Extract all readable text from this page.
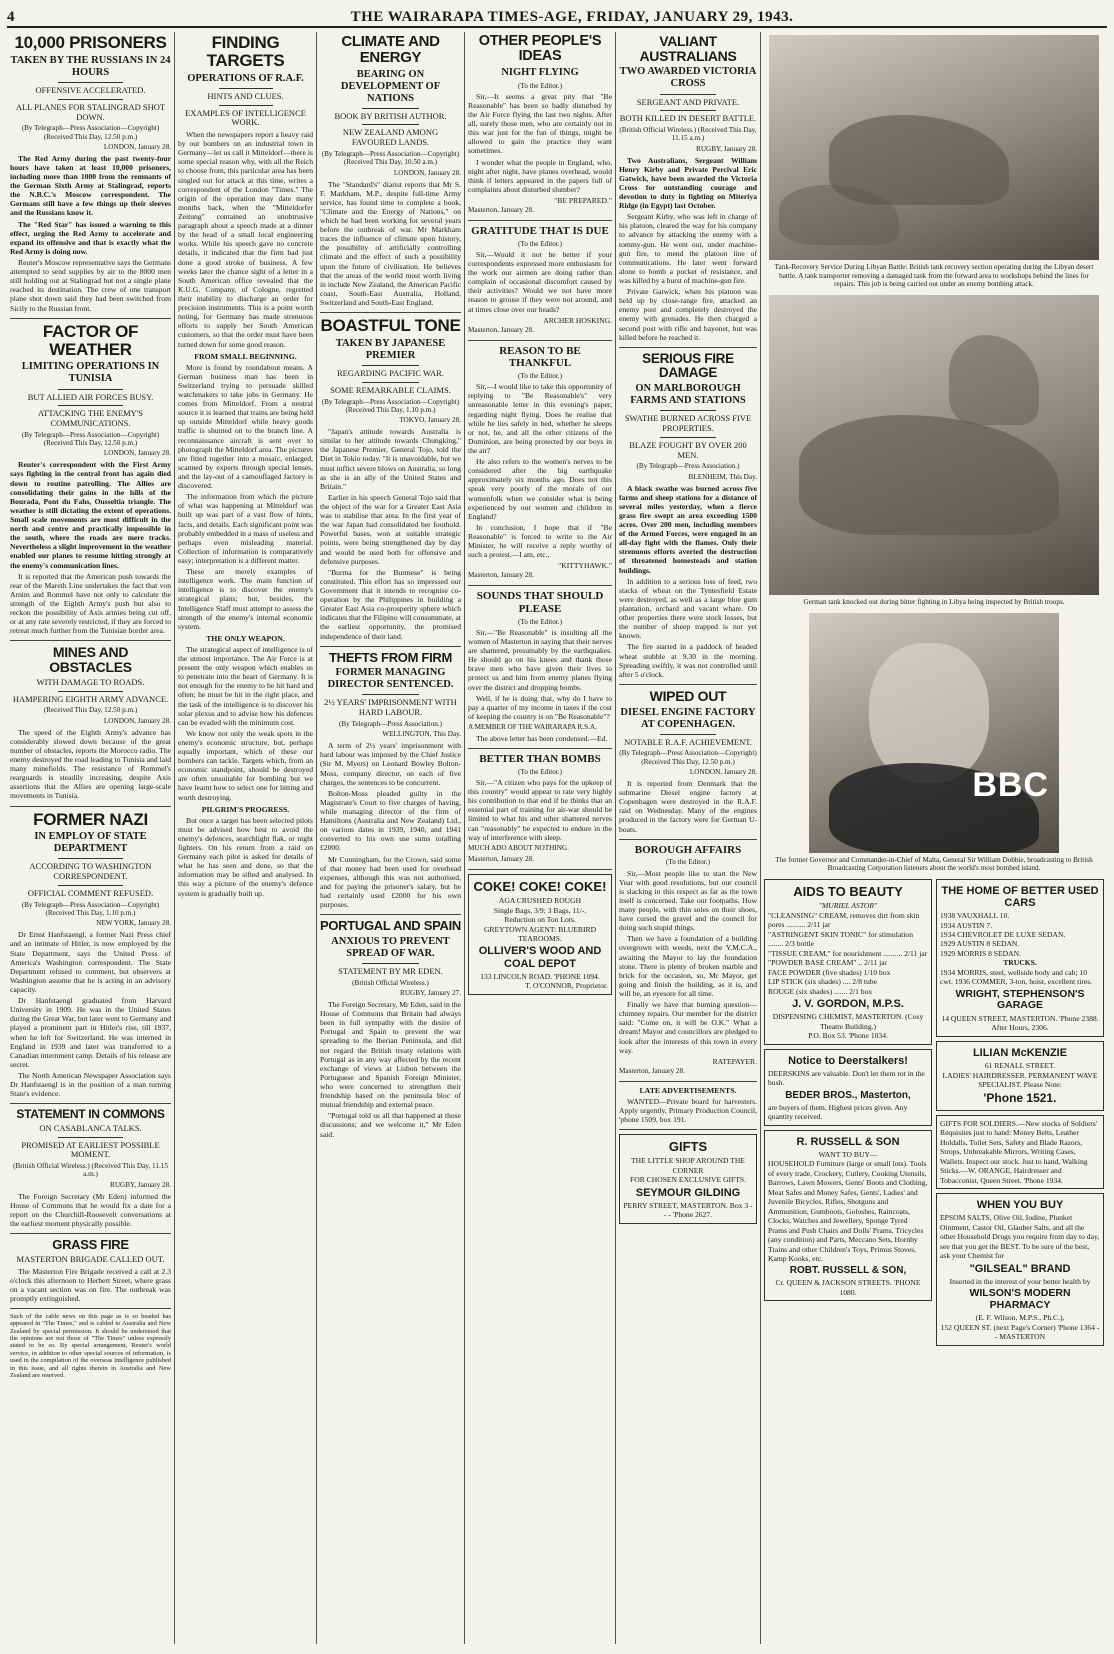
4	THE WAIRARAPA TIMES-AGE, FRIDAY, JANUARY 29, 1943.
10,000 PRISONERS
TAKEN BY THE RUSSIANS IN 24 HOURS
OFFENSIVE ACCELERATED.
ALL PLANES FOR STALINGRAD SHOT DOWN.
(By Telegraph—Press Association—Copyright) (Received This Day, 12.50 p.m.)
LONDON, January 28.

The Red Army during the past twenty-four hours have taken at least 10,000 prisoners, including more than 1000 from the remnants of the German Sixth Army at Stalingrad, reports the N.B.C.'s Moscow correspondent. The Germans still have a few things up their sleeves and the Russians know it.

The "Red Star" has issued a warning to this effect, urging the Red Army to accelerate and expand its offensive and that is exactly what the Red Army is doing now.

Reuter's Moscow representative says the Germans attempted to send supplies by air to the 8000 men still holding out at Stalingrad but not a single plane reached its destination. The crew of one transport plane shot down said they had been switched from Sicily to the Russian front.

FACTOR OF WEATHER
LIMITING OPERATIONS IN TUNISIA
BUT ALLIED AIR FORCES BUSY.
ATTACKING THE ENEMY'S COMMUNICATIONS.
(By Telegraph—Press Association—Copyright) (Received This Day, 12.50 p.m.)
LONDON, January 28.

Reuter's correspondent with the First Army says fighting in the central front has again died down to routine patrolling. The Allies are consolidating their gains in the hills of the Bourada, Pont du Fahs, Ousseltia triangle. The weather is still dictating the extent of operations. Small scale movements are most difficult in the north and centre and practically impossible in the south, where the roads are mere tracks. Nevertheless a slight improvement in the weather enabled our planes to resume hitting strongly at the enemy's communication lines.

It is reported that the American push towards the rear of the Mareth Line undertakes the fact that von Arnim and Rommel have not only to calculate the strength of the Eighth Army's push but also to reckon the possibility of Axis armies being cut off, or at any rate severely restricted, if they are forced to retreat much further from the Tunisian border area.

MINES AND OBSTACLES
WITH DAMAGE TO ROADS.
HAMPERING EIGHTH ARMY ADVANCE.
(Received This Day, 12.50 p.m.)
LONDON, January 28.

The speed of the Eighth Army's advance has considerably slowed down because of the great number of obstacles, reports the Morocco radio. The enemy destroyed the road leading to Tunisia and laid many minefields. The resistance of Rommel's rearguards is steadily increasing, despite Axis assertions that the Allies are opening large-scale movements in Tunisia.

FORMER NAZI
IN EMPLOY OF STATE DEPARTMENT
ACCORDING TO WASHINGTON CORRESPONDENT.
OFFICIAL COMMENT REFUSED.
(By Telegraph—Press Association—Copyright) (Received This Day, 1.10 p.m.)
NEW YORK, January 28.

Dr Ernst Hanfstaengl, a former Nazi Press chief and an intimate of Hitler, is now employed by the State Department, says the United Press of America's Washington correspondent. The State Department refused to comment, but observers at Washington assume that he is acting in an advisory capacity.

Dr Hanfstaengl graduated from Harvard University in 1909. He was in the United States during the Great War, but later went to Germany and played a prominent part in Hitler's rise, till 1937, when he left for Switzerland. He was interned in England in 1939 and later was transferred to a Canadian internment camp. Details of his release are secret.

The North American Newspaper Association says Dr Hanfstaengl is in the position of a man turning State's evidence.

STATEMENT IN COMMONS
ON CASABLANCA TALKS.
PROMISED AT EARLIEST POSSIBLE MOMENT.
(British Official Wireless.) (Received This Day, 11.15 a.m.)
RUGBY, January 28.

The Foreign Secretary (Mr Eden) informed the House of Commons that he would fix a date for a report on the Churchill-Roosevelt conversations at the earliest moment physically possible.

GRASS FIRE
MASTERTON BRIGADE CALLED OUT.

The Masterton Fire Brigade received a call at 2.3 o'clock this afternoon to Herbert Street, where grass on a vacant section was on fire. The outbreak was promptly extinguished.

Such of the cable news on this page as is so headed has appeared in "The Times," and is cabled to Australia and New Zealand by special permission. It should be understood that the opinions are not those of "The Times" unless expressly stated to be so. By special arrangement, Reuter's world service, in addition to other special sources of information, is used in the compilation of the overseas intelligence published in this issue, and all rights therein in Australia and New Zealand are reserved.

FINDING TARGETS
OPERATIONS OF R.A.F.
HINTS AND CLUES.
EXAMPLES OF INTELLIGENCE WORK.

When the newspapers report a heavy raid by our bombers on an industrial town in Germany—let us call it Mitteldorf—there is some special reason why, with all the Reich to choose from, this particular area has been singled out for attack at this time, writes a correspondent of the London "Times." The origin of the operation may date many months back, when the "Mitteldorfer Zeitung" contained an unobtrusive paragraph about a speech made at a dinner by the head of a small local engineering works. While his speech gave no concrete details, it indicated that the firm had just done a good stroke of business. A few weeks later the chance sight of a letter in a South American office revealed that the K.U.G. Company, of Cologne, regretted their inability to discharge an order for precision instruments. This is a point worth noting, for Germany has made strenuous efforts to supply her South American customers, so that the order must have been turned down for some good reason.

FROM SMALL BEGINNING.

More is found by roundabout means. A German business man has been in Switzerland trying to persuade skilled watchmakers to take jobs in Germany. He comes from Mitteldorf. From a neutral source it is learned that trains are being held up outside Mitteldorf while heavy goods traffic is shunted on to the branch line. A reconnaissance aircraft is sent over to photograph the Mitteldorf area. The pictures are fitted together into a mosaic, enlarged, scanned by experts through special lenses, and the lay-out of a camouflaged factory is discovered.

The information from which the picture of what was happening at Mitteldorf was built up was part of a vast flow of hints, facts, and details. Each significant point was probably embedded in a mass of useless and perhaps even misleading material. Collection of information is comparatively easy; interpretation is a different matter.

These are merely examples of intelligence work. The main function of intelligence is to discover the enemy's strategical plans; but, besides, the Intelligence Staff must attempt to assess the strength of the enemy's internal economic system.

THE ONLY WEAPON.

The strategical aspect of intelligence is of the utmost importance. The Air Force is at present the only weapon which enables us to penetrate into the heart of Germany. It is not enough for the enemy to be hit hard and often; he must be hit in the right place, and the task of the intelligence is to discover his solar plexus and to advise how his defences can be evaded with the minimum cost.

We know not only the weak spots in the enemy's economic structure, but, perhaps equally important, which of these our bombers can tackle. Targets which, from an economic standpoint, should be destroyed are often unsuitable for bombing but we have learnt how to select one for hitting and worth destroying.

PILGRIM'S PROGRESS.

But once a target has been selected pilots must be advised how best to avoid the enemy's defences, searchlight flak, or night fighters. On his return from a raid on Germany each pilot is asked for details of what he has seen and done, so that the information may be sifted and analysed. In this way a picture of the enemy's defence system is gradually built up.

CLIMATE AND ENERGY
BEARING ON DEVELOPMENT OF NATIONS
BOOK BY BRITISH AUTHOR.
NEW ZEALAND AMONG FAVOURED LANDS.
(By Telegraph—Press Association—Copyright) (Received This Day, 10.50 a.m.)
LONDON, January 28.

The "Standard's" diarist reports that Mr S. F. Markham, M.P., despite full-time Army service, has found time to complete a book, "Climate and the Energy of Nations," on which he had been working for several years before the outbreak of war. Mr Markham traces the influence of climate upon history, the possibility of artificially controlling climate and the effect of such a possibility upon the future of civilisation. He believes that the areas of the world most worth living in include New Zealand, the American Pacific coast, South-East Australia, Holland, Switzerland and South-East England.

BOASTFUL TONE
TAKEN BY JAPANESE PREMIER
REGARDING PACIFIC WAR.
SOME REMARKABLE CLAIMS.
(By Telegraph—Press Association—Copyright) (Received This Day, 1.10 p.m.)
TOKYO, January 28.

"Japan's attitude towards Australia is similar to her attitude towards Chungking," the Japanese Premier, General Tojo, told the Diet in Tokio today. "It is unavoidable, but we must inflict severe blows on Australia, so long as she is an ally of the United States and Britain."

Earlier in his speech General Tojo said that the object of the war for a Greater East Asia was to stabilise that area. In the first year of the war Japan had consolidated her foothold. Powerful bases, won at suitable strategic points, were being strengthened day by day and would be used both for offensive and defensive purposes.

"Burma for the Burmese" is being constituted. This effort has so impressed our Government that it intends to recognise co-operation by the Philippines in building a Greater East Asia co-prosperity sphere which indicates that the Filipino will consummate, at the earliest opportunity, the promised independence of their land.

THEFTS FROM FIRM
FORMER MANAGING DIRECTOR SENTENCED.
2½ YEARS' IMPRISONMENT WITH HARD LABOUR.
(By Telegraph—Press Association.)
WELLINGTON, This Day.

A term of 2½ years' imprisonment with hard labour was imposed by the Chief Justice (Sir M. Myers) on Leonard Bowley Bolton-Moss, company director, on each of five charges, the sentences to be concurrent.

Bolton-Moss pleaded guilty in the Magistrate's Court to five charges of having, while managing director of the firm of Hamiltons (Australia and New Zealand) Ltd., on various dates in 1939, 1940, and 1941 converted to his own use sums totalling £2000.

Mr Cunningham, for the Crown, said some of that money had been used for overhead expenses, although this was not authorised, and for paying the prisoner's salary, but he had certainly used £2000 for his own purposes.

PORTUGAL AND SPAIN
ANXIOUS TO PREVENT SPREAD OF WAR.
STATEMENT BY MR EDEN.
(British Official Wireless.)
RUGBY, January 27.

The Foreign Secretary, Mr Eden, said in the House of Commons that Britain had always been in full sympathy with the desire of Portugal and Spain to prevent the war spreading to the Iberian Peninsula, and did not regard the British treaty relations with Portugal as in any way affected by the recent exchange of views at Lisbon between the Portuguese and Spanish Foreign Minister, who were concerned to strengthen their friendship based on the peninsula bloc of mutual friendship and external peace.

"Portugal told us all that happened at those discussions; and we welcome it," Mr Eden said.

OTHER PEOPLE'S IDEAS
NIGHT FLYING
(To the Editor.)

Sir,—It seems a great pity that "Be Reasonable" has been so badly disturbed by the Air Force flying the last two nights. After all, surely those men, who are certainly not in this war just for the fun of things, might be allowed to gain the practice they want sometimes.

I wonder what the people in England, who, night after night, have planes overhead, would think if letters appeared in the papers full of complaints about disturbed slumber?

"BE PREPARED."
Masterton, January 28.
GRATITUDE THAT IS DUE
(To the Editor.)

Sir,—Would it not be better if your correspondents expressed more enthusiasm for the work our airmen are doing rather than complain of occasional discomfort caused by their activities? Would we not have more reason to grouse if they were not around, and at times close over our heads?

ARCHER HOSKING.
Masterton, January 28.
REASON TO BE THANKFUL
(To the Editor.)

Sir,—I would like to take this opportunity of replying to "Be Reasonable's" very unreasonable letter in this evening's paper, regarding night flying. Does he realise that while he lies safely in bed, whether he sleeps or not, he, and all the other citizens of the Dominion, are being protected by our boys in the air?

He also refers to the women's nerves to be considered after the big earthquake approximately six months ago. Does not this speak very poorly of the morale of our womenfolk when we consider what is being experienced by our women and children in England?

In conclusion, I hope that if "Be Reasonable" is forced to write to the Air Minister, he will receive a reply worthy of such a protest.—I am, etc.,

"KITTYHAWK."
Masterton, January 28.
SOUNDS THAT SHOULD PLEASE
(To the Editor.)

Sir,—"Be Reasonable" is insulting all the women of Masterton in saying that their nerves are shattered, presumably by the earthquakes. He should go on his knees and thank those brave men who have given their lives to protect us and him from enemy planes flying over the district and dropping bombs.

Well, if he is doing that, why do I have to pay a quarter of my income in taxes if the cost of keeping the country is on "Be Reasonable"?

A MEMBER OF THE WAIRARAPA R.S.A.

The above letter has been condensed.—Ed.

BETTER THAN BOMBS
(To the Editor.)

Sir,—"A citizen who pays for the upkeep of this country" would appear to rate very highly his contribution to that end if he thinks that an essential part of training for air-war should be limited to what his and other shattered nerves can "reasonably" be expected to endure in the way of interference with sleep.

MUCH ADO ABOUT NOTHING.
Masterton, January 28.
COKE! COKE! COKE!
AGA CRUSHED ROUGH
Single Bags, 3/9; 3 Bags, 11/-.
Reduction on Ton Lots.
GREYTOWN AGENT: BLUEBIRD TEAROOMS.
OLLIVER'S WOOD AND COAL DEPOT
133 LINCOLN ROAD. 'PHONE 1094.
T. O'CONNOR, Proprietor.
VALIANT AUSTRALIANS
TWO AWARDED VICTORIA CROSS
SERGEANT AND PRIVATE.
BOTH KILLED IN DESERT BATTLE.
(British Official Wireless.) (Received This Day, 11.15 a.m.)
RUGBY, January 28.

Two Australians, Sergeant William Henry Kirby and Private Percival Eric Gatwick, have been awarded the Victoria Cross for outstanding courage and devotion to duty in fighting on Miteriya Ridge (in Egypt) last October.

Sergeant Kirby, who was left in charge of his platoon, cleared the way for his company to advance by attacking the enemy with a tommy-gun. He went out, under machine-gun fire, to mend the platoon line of communications. He later went forward alone to bomb a pocket of resistance, and was killed by a burst of machine-gun fire.

Private Gatwick, when his platoon was held up by close-range fire, attacked an enemy post and completely destroyed the enemy with grenades. He then charged a second post with rifle and bayonet, but was killed before he reached it.

SERIOUS FIRE DAMAGE
ON MARLBOROUGH FARMS AND STATIONS
SWATHE BURNED ACROSS FIVE PROPERTIES.
BLAZE FOUGHT BY OVER 200 MEN.
(By Telegraph—Press Association.)
BLENHEIM, This Day.

A black swathe was burned across five farms and sheep stations for a distance of several miles yesterday, when a fierce grass fire swept an area exceeding 1500 acres. Over 200 men, including members of the Armed Forces, were engaged in an all-day fight with the flames. Only their strenuous efforts averted the destruction of threatened homesteads and station buildings.

In addition to a serious loss of feed, two stacks of wheat on the Tyntesfield Estate were destroyed, as well as a large blue gum plantation, orchard and vacant whare. On other properties there were stock losses, but the number of sheep trapped is not yet known.

The fire started in a paddock of headed wheat stubble at 9.30 in the morning. Spreading swiftly, it was not controlled until after 5 o'clock.

WIPED OUT
DIESEL ENGINE FACTORY AT COPENHAGEN.
NOTABLE R.A.F. ACHIEVEMENT.
(By Telegraph—Press Association—Copyright) (Received This Day, 12.50 p.m.)
LONDON, January 28.

It is reported from Denmark that the submarine Diesel engine factory at Copenhagen were destroyed in the R.A.F. raid on Wednesday. Many of the engines produced in the factory were for German U-boats.

BOROUGH AFFAIRS
(To the Editor.)

Sir,—Most people like to start the New Year with good resolutions, but our council is slacking in this respect as far as the town itself is concerned. Take our footpaths. How many people, with thin soles on their shoes, have cursed the gravel and the council for doing such stupid things.

Then we have a foundation of a building overgrown with weeds, next the Y.M.C.A., awaiting the Mayor to lay the foundation stone. There is plenty of broken marble and brick for the occasion, so, Mr Mayor, get going and finish the building, as it is, and will be, an eyesore for all time.

Finally we have that burning question—chimney repairs. Our member for the district said: "Come on, it will be O.K." What a dream! Mayor and councillors are pledged to look after the interests of this town in every way.

RATEPAYER.
Masterton, January 28.
LATE ADVERTISEMENTS.

WANTED—Private board for harvesters. Apply urgently, Primary Production Council, 'phone 1509, box 191.

GIFTS
THE LITTLE SHOP AROUND THE CORNER
FOR CHOSEN EXCLUSIVE GIFTS.
SEYMOUR GILDING
PERRY STREET, MASTERTON. Box 3 - - - 'Phone 2627.
Tank-Recovery Service During Libyan Battle: British tank recovery section operating during the Libyan desert battle. A tank transporter removing a damaged tank from the forward area to workshops behind the lines for repairs. This job is being carried out under an enemy bombing attack.
German tank knocked out during bitter fighting in Libya being inspected by British troops.
BBC
The former Governor and Commander-in-Chief of Malta, General Sir William Dobbie, broadcasting to British Broadcasting Corporation listeners about the world's most bombed island.
AIDS TO BEAUTY
"MURIEL ASTOR"
"CLEANSING" CREAM, removes dirt from skin pores .......... 2/11 jar
"ASTRINGENT SKIN TONIC" for stimulation ........ 2/3 bottle
"TISSUE CREAM," for nourishment .......... 2/11 jar
"POWDER BASE CREAM" .. 2/11 jar
FACE POWDER (five shades) 1/10 box
LIP STICK (six shades) .... 2/8 tube
ROUGE (six shades) ....... 2/1 box
J. V. GORDON, M.P.S.
DISPENSING CHEMIST, MASTERTON. (Cosy Theatre Building.)
P.O. Box 53. 'Phone 1034.
Notice to Deerstalkers!
DEERSKINS are valuable. Don't let them rot in the bush.
BEDER BROS., Masterton,
are buyers of them. Highest prices given. Any quantity received.
R. RUSSELL & SON
WANT TO BUY—
HOUSEHOLD Furniture (large or small lots). Tools of every trade, Crockery, Cutlery, Cooking Utensils, Barrows, Lawn Mowers, Gents' Boots and Clothing, Meat Safes and Money Safes, Gents', Ladies' and Juvenile Bicycles, Rifles, Shotguns and Ammunition, Gumboots, Goloshes, Raincoats, Clocks, Watches and Jewellery, Sponge Tyred Prams and Push Chairs and Dolls' Prams, Tricycles (any condition) and Parts, Meccano Sets, Hornby Trains and other Children's Toys, Primus Stoves, Kamp Kooks, etc.
ROBT. RUSSELL & SON,
Cr. QUEEN & JACKSON STREETS. 'PHONE 1080.
THE HOME OF BETTER USED CARS
1938 VAUXHALL 10.
1934 AUSTIN 7.
1934 CHEVROLET DE LUXE SEDAN.
1929 AUSTIN 8 SEDAN.
1929 MORRIS 8 SEDAN.
TRUCKS.
1934 MORRIS, steel, wellside body and cab; 10 cwt. 1936 COMMER, 3-ton, hoist, excellent tires.
WRIGHT, STEPHENSON'S GARAGE
14 QUEEN STREET, MASTERTON. 'Phone 2388. After Hours, 2306.
LILIAN McKENZIE
61 RENALL STREET.
LADIES' HAIRDRESSER. PERMANENT WAVE SPECIALIST. Please Note:
'Phone 1521.
GIFTS FOR SOLDIERS.—New stocks of Soldiers' Requisites just to hand: Money Belts, Leather Holdalls, Toilet Sets, Safety and Blade Razors, Strops, Unbreakable Mirrors, Writing Cases, Wallets. Inspect our stock. Just to hand, Walking Sticks.—W. ORANGE, Hairdresser and Tobacconist, Queen Street. 'Phone 1934.
WHEN YOU BUY
EPSOM SALTS, Olive Oil, Iodine, Plunket Ointment, Castor Oil, Glauber Salts, and all the other Household Drugs you require from day to day, see that you get the BEST. To be sure of the best, ask your Chemist for
"GILSEAL" BRAND
Inserted in the interest of your better health by
WILSON'S MODERN PHARMACY
(E. F. Wilson, M.P.S., Ph.C.),
152 QUEEN ST. (next Page's Corner) 'Phone 1364 - - MASTERTON
